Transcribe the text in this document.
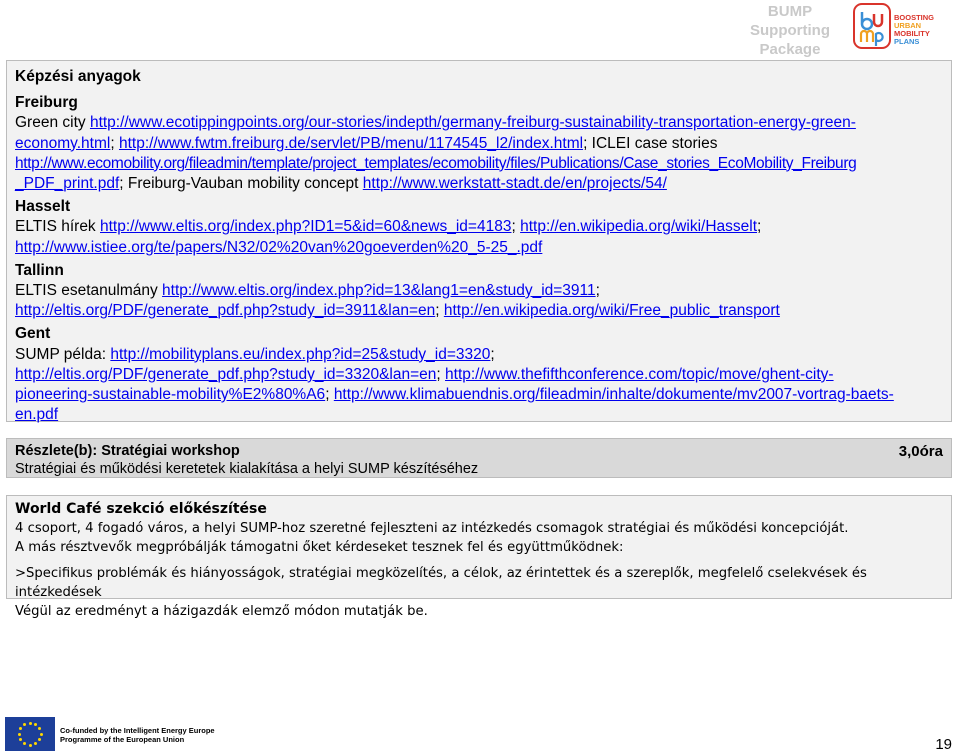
BUMP
Supporting
Package
BOOSTING
URBAN
MOBILITY
PLANS
Képzési anyagok
Freiburg

Green city http://www.ecotippingpoints.org/our-stories/indepth/germany-freiburg-sustainability-transportation-energy-green-
economy.html; http://www.fwtm.freiburg.de/servlet/PB/menu/1174545_l2/index.html; ICLEI case stories
http://www.ecomobility.org/fileadmin/template/project_templates/ecomobility/files/Publications/Case_stories_EcoMobility_Freiburg
_PDF_print.pdf; Freiburg-Vauban mobility concept http://www.werkstatt-stadt.de/en/projects/54/

Hasselt

ELTIS hírek http://www.eltis.org/index.php?ID1=5&id=60&news_id=4183; http://en.wikipedia.org/wiki/Hasselt;
http://www.istiee.org/te/papers/N32/02%20van%20goeverden%20_5-25_.pdf

Tallinn

ELTIS esetanulmány http://www.eltis.org/index.php?id=13&lang1=en&study_id=3911;
http://eltis.org/PDF/generate_pdf.php?study_id=3911&lan=en; http://en.wikipedia.org/wiki/Free_public_transport

Gent

SUMP példa: http://mobilityplans.eu/index.php?id=25&study_id=3320;
http://eltis.org/PDF/generate_pdf.php?study_id=3320&lan=en; http://www.thefifthconference.com/topic/move/ghent-city-
pioneering-sustainable-mobility%E2%80%A6; http://www.klimabuendnis.org/fileadmin/inhalte/dokumente/mv2007-vortrag-baets-
en.pdf

Részlete(b): Stratégiai workshop
Stratégiai és működési keretetek kialakítása a helyi SUMP készítéséhez
3,0óra
World Café szekció előkészítése
4 csoport, 4 fogadó város, a helyi SUMP-hoz szeretné fejleszteni az intézkedés csomagok stratégiai és működési koncepcióját.
A más résztvevők megpróbálják támogatni őket kérdeseket tesznek fel és együttműködnek:
>Specifikus problémák és hiányosságok, stratégiai megközelítés, a célok, az érintettek és a szereplők, megfelelő cselekvések és intézkedések
Végül az eredményt a házigazdák elemző módon mutatják be.
Co-funded by the Intelligent Energy Europe
Programme of the European Union	19
